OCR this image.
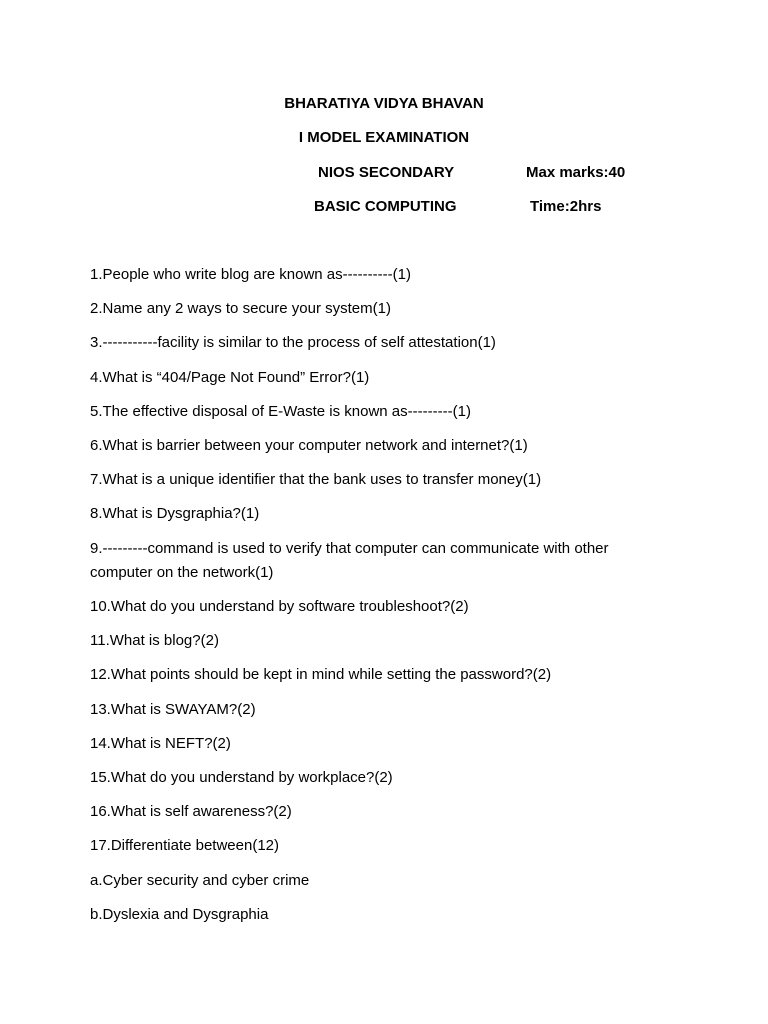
BHARATIYA VIDYA BHAVAN
I MODEL EXAMINATION
NIOS SECONDARY	Max marks:40
BASIC COMPUTING	Time:2hrs
1.People who write blog are known as----------(1)
2.Name any 2 ways to secure your system(1)
3.-----------facility is similar to the process of self attestation(1)
4.What is “404/Page Not Found” Error?(1)
5.The effective disposal of E-Waste is known as---------(1)
6.What is barrier between your computer network and internet?(1)
7.What is a unique identifier that the bank uses to transfer money(1)
8.What is Dysgraphia?(1)
9.---------command is used to verify that computer can communicate with other computer on the network(1)
10.What do you understand by software troubleshoot?(2)
11.What is blog?(2)
12.What points should be kept in mind while setting the password?(2)
13.What is SWAYAM?(2)
14.What is NEFT?(2)
15.What do you understand by workplace?(2)
16.What is self awareness?(2)
17.Differentiate between(12)
a.Cyber security and cyber crime
b.Dyslexia and Dysgraphia
